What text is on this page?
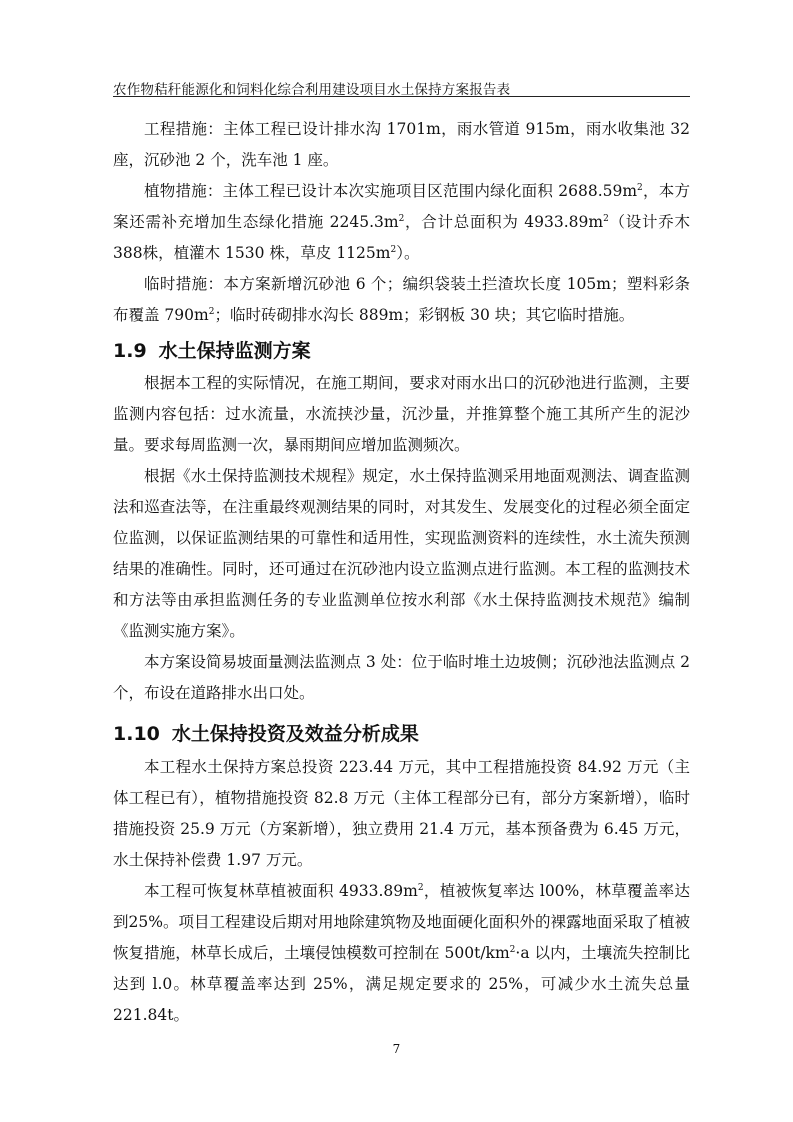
农作物秸秆能源化和饲料化综合利用建设项目水土保持方案报告表

工程措施：主体工程已设计排水沟 1701m，雨水管道 915m，雨水收集池 32座，沉砂池 2 个，洗车池 1 座。

植物措施：主体工程已设计本次实施项目区范围内绿化面积 $2688.59m^2$，本方案还需补充增加生态绿化措施 $2245.3m^2$，合计总面积为 $4933.89m^2$（设计乔木 388株，植灌木 1530 株，草皮 $1125m^2$）。

临时措施：本方案新增沉砂池 6 个；编织袋装土拦渣坎长度 105m；塑料彩条布覆盖 $790m^2$；临时砖砌排水沟长 889m；彩钢板 30 块；其它临时措施。

1.9 水土保持监测方案

根据本工程的实际情况，在施工期间，要求对雨水出口的沉砂池进行监测，主要监测内容包括：过水流量，水流挟沙量，沉沙量，并推算整个施工其所产生的泥沙量。要求每周监测一次，暴雨期间应增加监测频次。

根据《水土保持监测技术规程》规定，水土保持监测采用地面观测法、调查监测法和巡查法等，在注重最终观测结果的同时，对其发生、发展变化的过程必须全面定位监测，以保证监测结果的可靠性和适用性，实现监测资料的连续性，水土流失预测结果的准确性。同时，还可通过在沉砂池内设立监测点进行监测。本工程的监测技术和方法等由承担监测任务的专业监测单位按水利部《水土保持监测技术规范》编制《监测实施方案》。

本方案设简易坡面量测法监测点 3 处：位于临时堆土边坡侧；沉砂池法监测点 2 个，布设在道路排水出口处。

1.10 水土保持投资及效益分析成果

本工程水土保持方案总投资 223.44 万元，其中工程措施投资 84.92 万元（主体工程已有），植物措施投资 82.8 万元（主体工程部分已有，部分方案新增），临时措施投资 25.9 万元（方案新增），独立费用 21.4 万元，基本预备费为 6.45 万元，水土保持补偿费 1.97 万元。

本工程可恢复林草植被面积 $4933.89m^2$，植被恢复率达 l00%，林草覆盖率达到25%。项目工程建设后期对用地除建筑物及地面硬化面积外的裸露地面采取了植被恢复措施，林草长成后，土壤侵蚀模数可控制在 $500t/km^2\cdot a$ 以内，土壤流失控制比达到 l.0。林草覆盖率达到 25%，满足规定要求的 25%，可减少水土流失总量 221.84t。

7
